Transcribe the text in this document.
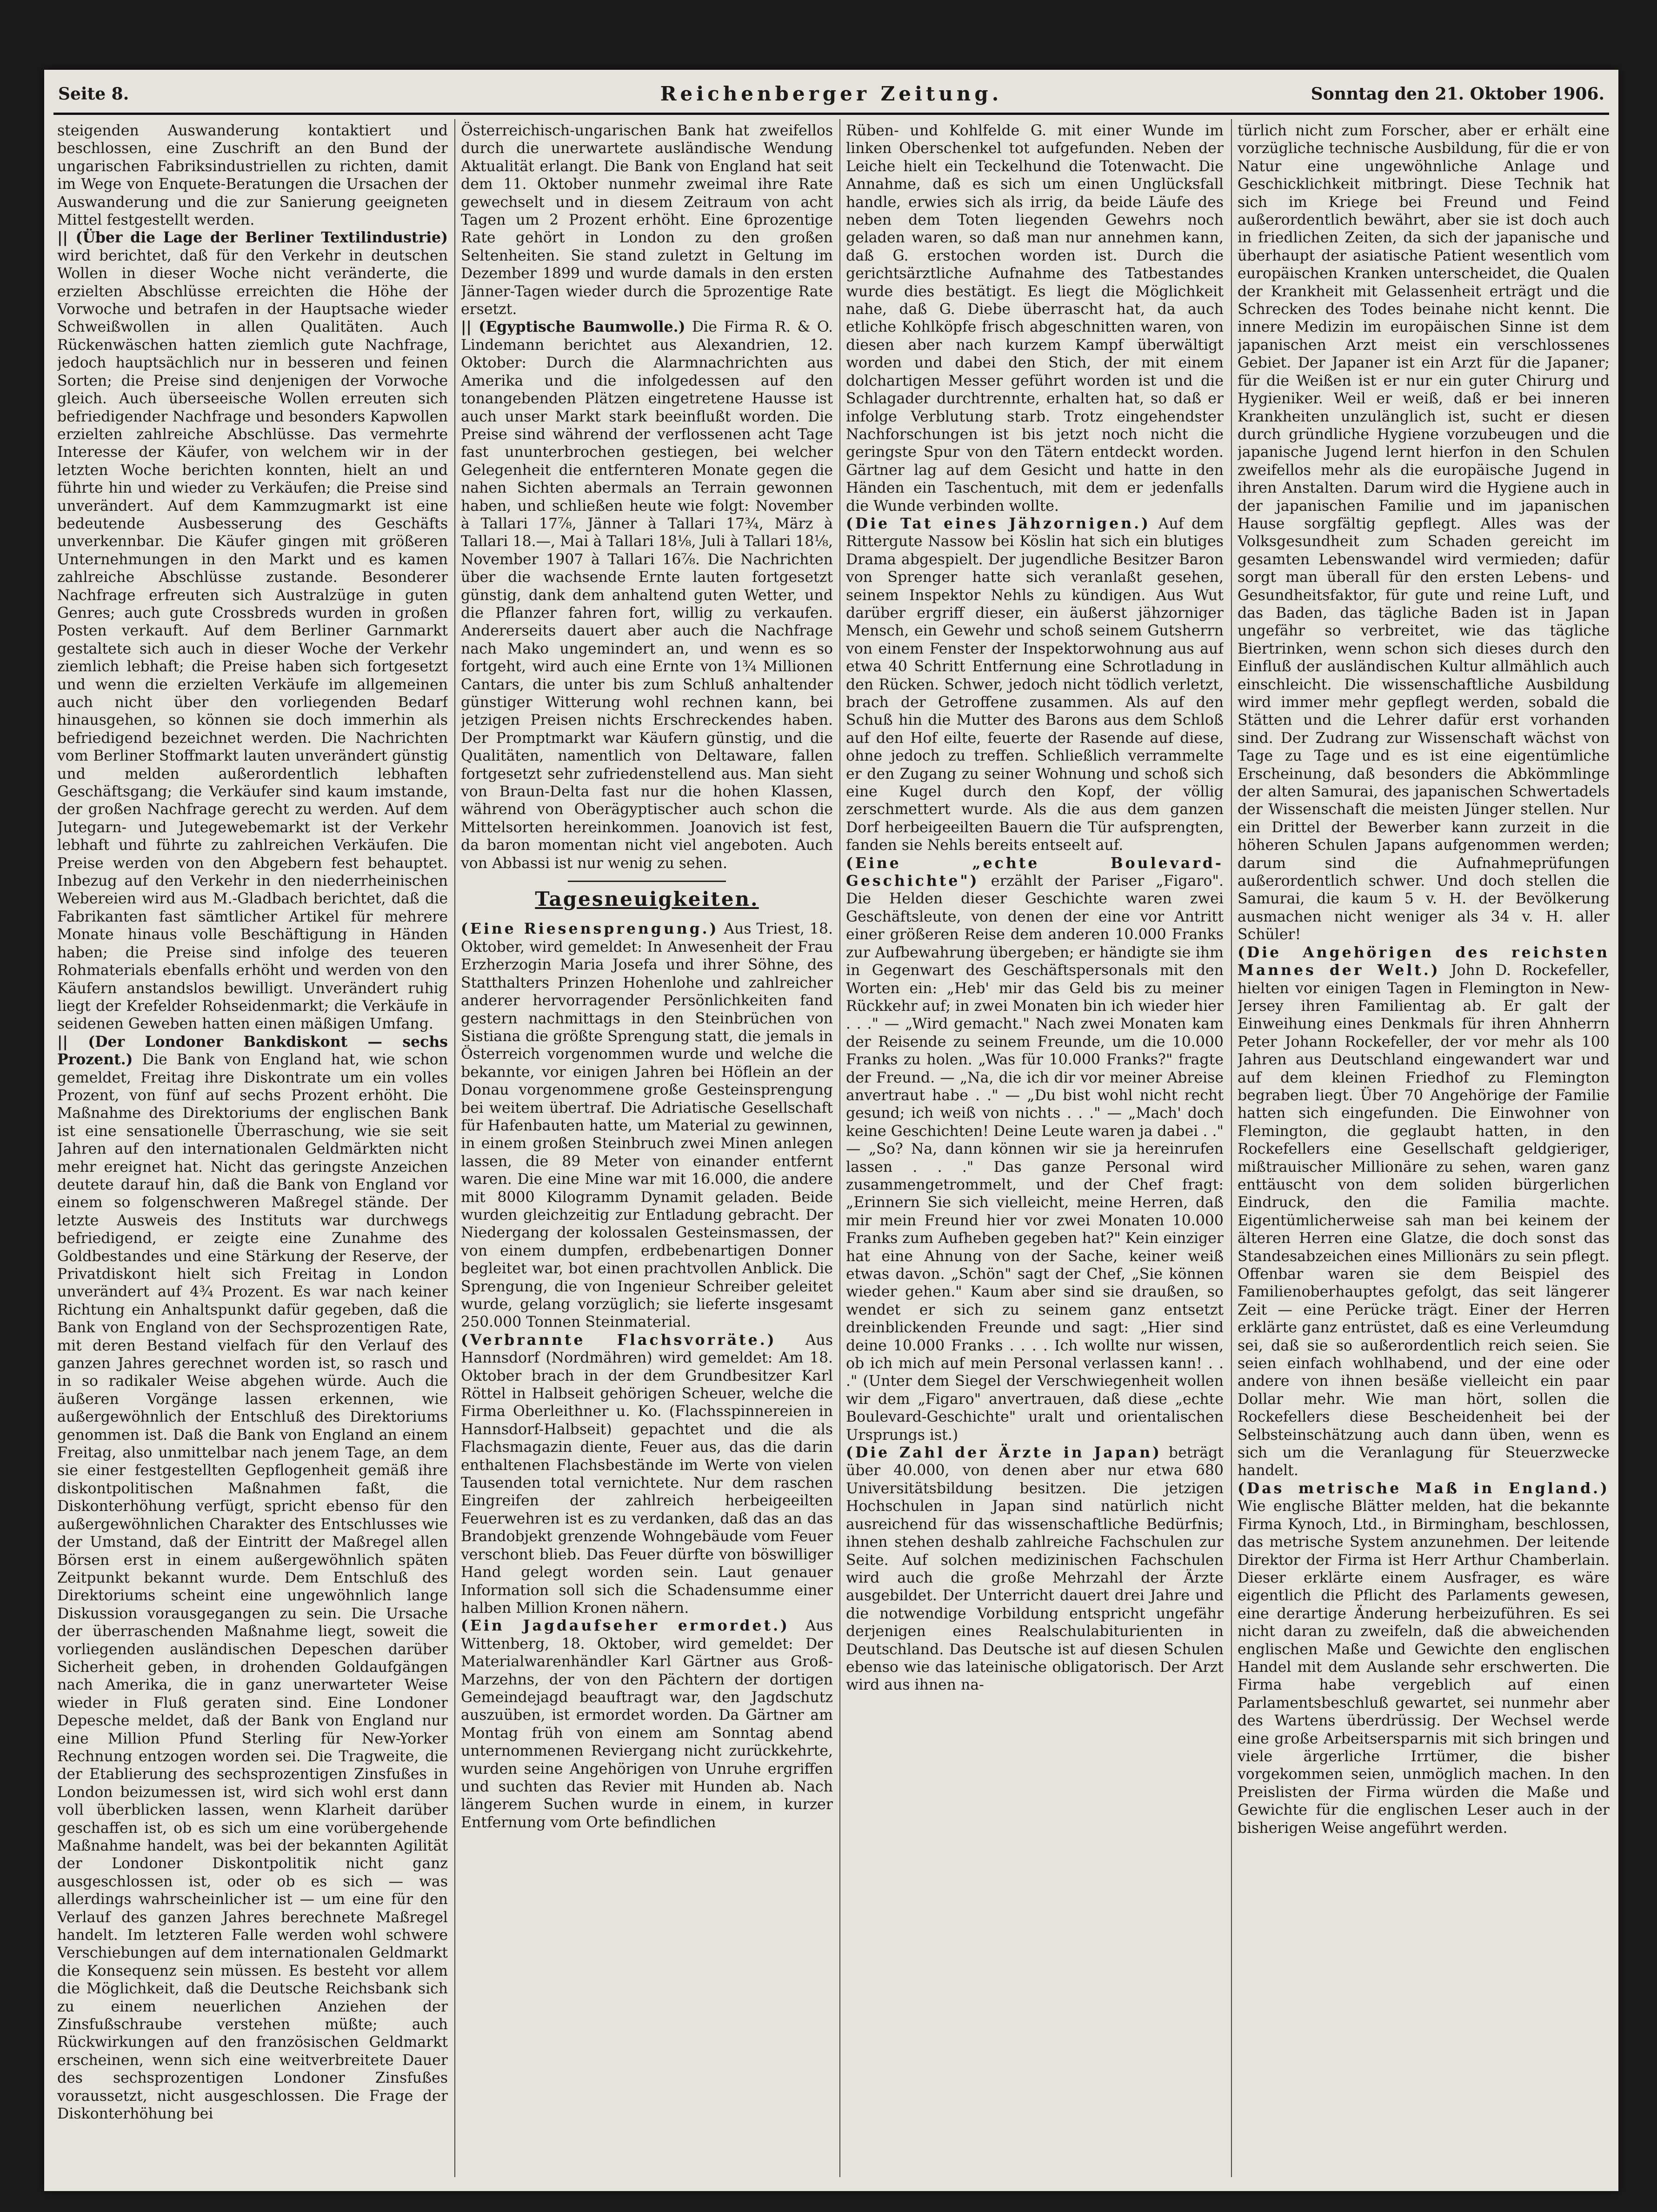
Seite 8.	Reichenberger Zeitung.	Sonntag den 21. Oktober 1906.

steigenden Auswanderung kontaktiert und beschlossen, eine Zuschrift an den Bund der ungarischen Fabriksindustriellen zu richten, damit im Wege von Enquete-Beratungen die Ursachen der Auswanderung und die zur Sanierung geeigneten Mittel festgestellt werden.

|| (Über die Lage der Berliner Textilindustrie) wird berichtet, daß für den Verkehr in deutschen Wollen in dieser Woche nicht veränderte, die erzielten Abschlüsse erreichten die Höhe der Vorwoche und betrafen in der Hauptsache wieder Schweißwollen in allen Qualitäten. Auch Rückenwäschen hatten ziemlich gute Nachfrage, jedoch hauptsächlich nur in besseren und feinen Sorten; die Preise sind denjenigen der Vorwoche gleich. Auch überseeische Wollen erreuten sich befriedigender Nachfrage und besonders Kapwollen erzielten zahlreiche Abschlüsse. Das vermehrte Interesse der Käufer, von welchem wir in der letzten Woche berichten konnten, hielt an und führte hin und wieder zu Verkäufen; die Preise sind unverändert. Auf dem Kammzugmarkt ist eine bedeutende Ausbesserung des Geschäfts unverkennbar. Die Käufer gingen mit größeren Unternehmungen in den Markt und es kamen zahlreiche Abschlüsse zustande. Besonderer Nachfrage erfreuten sich Australzüge in guten Genres; auch gute Crossbreds wurden in großen Posten verkauft. Auf dem Berliner Garnmarkt gestaltete sich auch in dieser Woche der Verkehr ziemlich lebhaft; die Preise haben sich fortgesetzt und wenn die erzielten Verkäufe im allgemeinen auch nicht über den vorliegenden Bedarf hinausgehen, so können sie doch immerhin als befriedigend bezeichnet werden. Die Nachrichten vom Berliner Stoffmarkt lauten unverändert günstig und melden außerordentlich lebhaften Geschäftsgang; die Verkäufer sind kaum imstande, der großen Nachfrage gerecht zu werden. Auf dem Jutegarn- und Jutegewebemarkt ist der Verkehr lebhaft und führte zu zahlreichen Verkäufen. Die Preise werden von den Abgebern fest behauptet. Inbezug auf den Verkehr in den niederrheinischen Webereien wird aus M.-Gladbach berichtet, daß die Fabrikanten fast sämtlicher Artikel für mehrere Monate hinaus volle Beschäftigung in Händen haben; die Preise sind infolge des teueren Rohmaterials ebenfalls erhöht und werden von den Käufern anstandslos bewilligt. Unverändert ruhig liegt der Krefelder Rohseidenmarkt; die Verkäufe in seidenen Geweben hatten einen mäßigen Umfang.

|| (Der Londoner Bankdiskont — sechs Prozent.) Die Bank von England hat, wie schon gemeldet, Freitag ihre Diskontrate um ein volles Prozent, von fünf auf sechs Prozent erhöht. Die Maßnahme des Direktoriums der englischen Bank ist eine sensationelle Überraschung, wie sie seit Jahren auf den internationalen Geldmärkten nicht mehr ereignet hat. Nicht das geringste Anzeichen deutete darauf hin, daß die Bank von England vor einem so folgenschweren Maßregel stände. Der letzte Ausweis des Instituts war durchwegs befriedigend, er zeigte eine Zunahme des Goldbestandes und eine Stärkung der Reserve, der Privatdiskont hielt sich Freitag in London unverändert auf 4¾ Prozent. Es war nach keiner Richtung ein Anhaltspunkt dafür gegeben, daß die Bank von England von der Sechsprozentigen Rate, mit deren Bestand vielfach für den Verlauf des ganzen Jahres gerechnet worden ist, so rasch und in so radikaler Weise abgehen würde. Auch die äußeren Vorgänge lassen erkennen, wie außergewöhnlich der Entschluß des Direktoriums genommen ist. Daß die Bank von England an einem Freitag, also unmittelbar nach jenem Tage, an dem sie einer festgestellten Gepflogenheit gemäß ihre diskontpolitischen Maßnahmen faßt, die Diskonterhöhung verfügt, spricht ebenso für den außergewöhnlichen Charakter des Entschlusses wie der Umstand, daß der Eintritt der Maßregel allen Börsen erst in einem außergewöhnlich späten Zeitpunkt bekannt wurde. Dem Entschluß des Direktoriums scheint eine ungewöhnlich lange Diskussion vorausgegangen zu sein. Die Ursache der überraschenden Maßnahme liegt, soweit die vorliegenden ausländischen Depeschen darüber Sicherheit geben, in drohenden Goldaufgängen nach Amerika, die in ganz unerwarteter Weise wieder in Fluß geraten sind. Eine Londoner Depesche meldet, daß der Bank von England nur eine Million Pfund Sterling für New-Yorker Rechnung entzogen worden sei. Die Tragweite, die der Etablierung des sechsprozentigen Zinsfußes in London beizumessen ist, wird sich wohl erst dann voll überblicken lassen, wenn Klarheit darüber geschaffen ist, ob es sich um eine vorübergehende Maßnahme handelt, was bei der bekannten Agilität der Londoner Diskontpolitik nicht ganz ausgeschlossen ist, oder ob es sich — was allerdings wahrscheinlicher ist — um eine für den Verlauf des ganzen Jahres berechnete Maßregel handelt. Im letzteren Falle werden wohl schwere Verschiebungen auf dem internationalen Geldmarkt die Konsequenz sein müssen. Es besteht vor allem die Möglichkeit, daß die Deutsche Reichsbank sich zu einem neuerlichen Anziehen der Zinsfußschraube verstehen müßte; auch Rückwirkungen auf den französischen Geldmarkt erscheinen, wenn sich eine weitverbreitete Dauer des sechsprozentigen Londoner Zinsfußes voraussetzt, nicht ausgeschlossen. Die Frage der Diskonterhöhung bei

Österreichisch-ungarischen Bank hat zweifellos durch die unerwartete ausländische Wendung Aktualität erlangt. Die Bank von England hat seit dem 11. Oktober nunmehr zweimal ihre Rate gewechselt und in diesem Zeitraum von acht Tagen um 2 Prozent erhöht. Eine 6prozentige Rate gehört in London zu den großen Seltenheiten. Sie stand zuletzt in Geltung im Dezember 1899 und wurde damals in den ersten Jänner-Tagen wieder durch die 5prozentige Rate ersetzt.

|| (Egyptische Baumwolle.) Die Firma R. & O. Lindemann berichtet aus Alexandrien, 12. Oktober: Durch die Alarmnachrichten aus Amerika und die infolgedessen auf den tonangebenden Plätzen eingetretene Hausse ist auch unser Markt stark beeinflußt worden. Die Preise sind während der verflossenen acht Tage fast ununterbrochen gestiegen, bei welcher Gelegenheit die entfernteren Monate gegen die nahen Sichten abermals an Terrain gewonnen haben, und schließen heute wie folgt: November à Tallari 17⅞, Jänner à Tallari 17¾, März à Tallari 18.—, Mai à Tallari 18⅛, Juli à Tallari 18⅛, November 1907 à Tallari 16⅞. Die Nachrichten über die wachsende Ernte lauten fortgesetzt günstig, dank dem anhaltend guten Wetter, und die Pflanzer fahren fort, willig zu verkaufen. Andererseits dauert aber auch die Nachfrage nach Mako ungemindert an, und wenn es so fortgeht, wird auch eine Ernte von 1¾ Millionen Cantars, die unter bis zum Schluß anhaltender günstiger Witterung wohl rechnen kann, bei jetzigen Preisen nichts Erschreckendes haben. Der Promptmarkt war Käufern günstig, und die Qualitäten, namentlich von Deltaware, fallen fortgesetzt sehr zufriedenstellend aus. Man sieht von Braun-Delta fast nur die hohen Klassen, während von Oberägyptischer auch schon die Mittelsorten hereinkommen. Joanovich ist fest, da baron momentan nicht viel angeboten. Auch von Abbassi ist nur wenig zu sehen.

Tagesneuigkeiten.

(Eine Riesensprengung.) Aus Triest, 18. Oktober, wird gemeldet: In Anwesenheit der Frau Erzherzogin Maria Josefa und ihrer Söhne, des Statthalters Prinzen Hohenlohe und zahlreicher anderer hervorragender Persönlichkeiten fand gestern nachmittags in den Steinbrüchen von Sistiana die größte Sprengung statt, die jemals in Österreich vorgenommen wurde und welche die bekannte, vor einigen Jahren bei Höflein an der Donau vorgenommene große Gesteinsprengung bei weitem übertraf. Die Adriatische Gesellschaft für Hafenbauten hatte, um Material zu gewinnen, in einem großen Steinbruch zwei Minen anlegen lassen, die 89 Meter von einander entfernt waren. Die eine Mine war mit 16.000, die andere mit 8000 Kilogramm Dynamit geladen. Beide wurden gleichzeitig zur Entladung gebracht. Der Niedergang der kolossalen Gesteinsmassen, der von einem dumpfen, erdbebenartigen Donner begleitet war, bot einen prachtvollen Anblick. Die Sprengung, die von Ingenieur Schreiber geleitet wurde, gelang vorzüglich; sie lieferte insgesamt 250.000 Tonnen Steinmaterial.

(Verbrannte Flachsvorräte.) Aus Hannsdorf (Nordmähren) wird gemeldet: Am 18. Oktober brach in der dem Grundbesitzer Karl Röttel in Halbseit gehörigen Scheuer, welche die Firma Oberleithner u. Ko. (Flachsspinnereien in Hannsdorf-Halbseit) gepachtet und die als Flachsmagazin diente, Feuer aus, das die darin enthaltenen Flachsbestände im Werte von vielen Tausenden total vernichtete. Nur dem raschen Eingreifen der zahlreich herbeigeeilten Feuerwehren ist es zu verdanken, daß das an das Brandobjekt grenzende Wohngebäude vom Feuer verschont blieb. Das Feuer dürfte von böswilliger Hand gelegt worden sein. Laut genauer Information soll sich die Schadensumme einer halben Million Kronen nähern.

(Ein Jagdaufseher ermordet.) Aus Wittenberg, 18. Oktober, wird gemeldet: Der Materialwarenhändler Karl Gärtner aus Groß-Marzehns, der von den Pächtern der dortigen Gemeindejagd beauftragt war, den Jagdschutz auszuüben, ist ermordet worden. Da Gärtner am Montag früh von einem am Sonntag abend unternommenen Reviergang nicht zurückkehrte, wurden seine Angehörigen von Unruhe ergriffen und suchten das Revier mit Hunden ab. Nach längerem Suchen wurde in einem, in kurzer Entfernung vom Orte befindlichen

Rüben- und Kohlfelde G. mit einer Wunde im linken Oberschenkel tot aufgefunden. Neben der Leiche hielt ein Teckelhund die Totenwacht. Die Annahme, daß es sich um einen Unglücksfall handle, erwies sich als irrig, da beide Läufe des neben dem Toten liegenden Gewehrs noch geladen waren, so daß man nur annehmen kann, daß G. erstochen worden ist. Durch die gerichtsärztliche Aufnahme des Tatbestandes wurde dies bestätigt. Es liegt die Möglichkeit nahe, daß G. Diebe überrascht hat, da auch etliche Kohlköpfe frisch abgeschnitten waren, von diesen aber nach kurzem Kampf überwältigt worden und dabei den Stich, der mit einem dolchartigen Messer geführt worden ist und die Schlagader durchtrennte, erhalten hat, so daß er infolge Verblutung starb. Trotz eingehendster Nachforschungen ist bis jetzt noch nicht die geringste Spur von den Tätern entdeckt worden. Gärtner lag auf dem Gesicht und hatte in den Händen ein Taschentuch, mit dem er jedenfalls die Wunde verbinden wollte.

(Die Tat eines Jähzornigen.) Auf dem Rittergute Nassow bei Köslin hat sich ein blutiges Drama abgespielt. Der jugendliche Besitzer Baron von Sprenger hatte sich veranlaßt gesehen, seinem Inspektor Nehls zu kündigen. Aus Wut darüber ergriff dieser, ein äußerst jähzorniger Mensch, ein Gewehr und schoß seinem Gutsherrn von einem Fenster der Inspektorwohnung aus auf etwa 40 Schritt Entfernung eine Schrotladung in den Rücken. Schwer, jedoch nicht tödlich verletzt, brach der Getroffene zusammen. Als auf den Schuß hin die Mutter des Barons aus dem Schloß auf den Hof eilte, feuerte der Rasende auf diese, ohne jedoch zu treffen. Schließlich verrammelte er den Zugang zu seiner Wohnung und schoß sich eine Kugel durch den Kopf, der völlig zerschmettert wurde. Als die aus dem ganzen Dorf herbeigeeilten Bauern die Tür aufsprengten, fanden sie Nehls bereits entseelt auf.

(Eine „echte Boulevard-Geschichte") erzählt der Pariser „Figaro". Die Helden dieser Geschichte waren zwei Geschäftsleute, von denen der eine vor Antritt einer größeren Reise dem anderen 10.000 Franks zur Aufbewahrung übergeben; er händigte sie ihm in Gegenwart des Geschäftspersonals mit den Worten ein: „Heb' mir das Geld bis zu meiner Rückkehr auf; in zwei Monaten bin ich wieder hier . . ." — „Wird gemacht." Nach zwei Monaten kam der Reisende zu seinem Freunde, um die 10.000 Franks zu holen. „Was für 10.000 Franks?" fragte der Freund. — „Na, die ich dir vor meiner Abreise anvertraut habe . ." — „Du bist wohl nicht recht gesund; ich weiß von nichts . . ." — „Mach' doch keine Geschichten! Deine Leute waren ja dabei . ." — „So? Na, dann können wir sie ja hereinrufen lassen . . ." Das ganze Personal wird zusammengetrommelt, und der Chef fragt: „Erinnern Sie sich vielleicht, meine Herren, daß mir mein Freund hier vor zwei Monaten 10.000 Franks zum Aufheben gegeben hat?" Kein einziger hat eine Ahnung von der Sache, keiner weiß etwas davon. „Schön" sagt der Chef, „Sie können wieder gehen." Kaum aber sind sie draußen, so wendet er sich zu seinem ganz entsetzt dreinblickenden Freunde und sagt: „Hier sind deine 10.000 Franks . . . . Ich wollte nur wissen, ob ich mich auf mein Personal verlassen kann! . . ." (Unter dem Siegel der Verschwiegenheit wollen wir dem „Figaro" anvertrauen, daß diese „echte Boulevard-Geschichte" uralt und orientalischen Ursprungs ist.)

(Die Zahl der Ärzte in Japan) beträgt über 40.000, von denen aber nur etwa 680 Universitätsbildung besitzen. Die jetzigen Hochschulen in Japan sind natürlich nicht ausreichend für das wissenschaftliche Bedürfnis; ihnen stehen deshalb zahlreiche Fachschulen zur Seite. Auf solchen medizinischen Fachschulen wird auch die große Mehrzahl der Ärzte ausgebildet. Der Unterricht dauert drei Jahre und die notwendige Vorbildung entspricht ungefähr derjenigen eines Realschulabiturienten in Deutschland. Das Deutsche ist auf diesen Schulen ebenso wie das lateinische obligatorisch. Der Arzt wird aus ihnen na-

türlich nicht zum Forscher, aber er erhält eine vorzügliche technische Ausbildung, für die er von Natur eine ungewöhnliche Anlage und Geschicklichkeit mitbringt. Diese Technik hat sich im Kriege bei Freund und Feind außerordentlich bewährt, aber sie ist doch auch in friedlichen Zeiten, da sich der japanische und überhaupt der asiatische Patient wesentlich vom europäischen Kranken unterscheidet, die Qualen der Krankheit mit Gelassenheit erträgt und die Schrecken des Todes beinahe nicht kennt. Die innere Medizin im europäischen Sinne ist dem japanischen Arzt meist ein verschlossenes Gebiet. Der Japaner ist ein Arzt für die Japaner; für die Weißen ist er nur ein guter Chirurg und Hygieniker. Weil er weiß, daß er bei inneren Krankheiten unzulänglich ist, sucht er diesen durch gründliche Hygiene vorzubeugen und die japanische Jugend lernt hierfon in den Schulen zweifellos mehr als die europäische Jugend in ihren Anstalten. Darum wird die Hygiene auch in der japanischen Familie und im japanischen Hause sorgfältig gepflegt. Alles was der Volksgesundheit zum Schaden gereicht im gesamten Lebenswandel wird vermieden; dafür sorgt man überall für den ersten Lebens- und Gesundheitsfaktor, für gute und reine Luft, und das Baden, das tägliche Baden ist in Japan ungefähr so verbreitet, wie das tägliche Biertrinken, wenn schon sich dieses durch den Einfluß der ausländischen Kultur allmählich auch einschleicht. Die wissenschaftliche Ausbildung wird immer mehr gepflegt werden, sobald die Stätten und die Lehrer dafür erst vorhanden sind. Der Zudrang zur Wissenschaft wächst von Tage zu Tage und es ist eine eigentümliche Erscheinung, daß besonders die Abkömmlinge der alten Samurai, des japanischen Schwertadels der Wissenschaft die meisten Jünger stellen. Nur ein Drittel der Bewerber kann zurzeit in die höheren Schulen Japans aufgenommen werden; darum sind die Aufnahmeprüfungen außerordentlich schwer. Und doch stellen die Samurai, die kaum 5 v. H. der Bevölkerung ausmachen nicht weniger als 34 v. H. aller Schüler!

(Die Angehörigen des reichsten Mannes der Welt.) John D. Rockefeller, hielten vor einigen Tagen in Flemington in New-Jersey ihren Familientag ab. Er galt der Einweihung eines Denkmals für ihren Ahnherrn Peter Johann Rockefeller, der vor mehr als 100 Jahren aus Deutschland eingewandert war und auf dem kleinen Friedhof zu Flemington begraben liegt. Über 70 Angehörige der Familie hatten sich eingefunden. Die Einwohner von Flemington, die geglaubt hatten, in den Rockefellers eine Gesellschaft geldgieriger, mißtrauischer Millionäre zu sehen, waren ganz enttäuscht von dem soliden bürgerlichen Eindruck, den die Familia machte. Eigentümlicherweise sah man bei keinem der älteren Herren eine Glatze, die doch sonst das Standesabzeichen eines Millionärs zu sein pflegt. Offenbar waren sie dem Beispiel des Familienoberhauptes gefolgt, das seit längerer Zeit — eine Perücke trägt. Einer der Herren erklärte ganz entrüstet, daß es eine Verleumdung sei, daß sie so außerordentlich reich seien. Sie seien einfach wohlhabend, und der eine oder andere von ihnen besäße vielleicht ein paar Dollar mehr. Wie man hört, sollen die Rockefellers diese Bescheidenheit bei der Selbsteinschätzung auch dann üben, wenn es sich um die Veranlagung für Steuerzwecke handelt.

(Das metrische Maß in England.) Wie englische Blätter melden, hat die bekannte Firma Kynoch, Ltd., in Birmingham, beschlossen, das metrische System anzunehmen. Der leitende Direktor der Firma ist Herr Arthur Chamberlain. Dieser erklärte einem Ausfrager, es wäre eigentlich die Pflicht des Parlaments gewesen, eine derartige Änderung herbeizuführen. Es sei nicht daran zu zweifeln, daß die abweichenden englischen Maße und Gewichte den englischen Handel mit dem Auslande sehr erschwerten. Die Firma habe vergeblich auf einen Parlamentsbeschluß gewartet, sei nunmehr aber des Wartens überdrüssig. Der Wechsel werde eine große Arbeitsersparnis mit sich bringen und viele ärgerliche Irrtümer, die bisher vorgekommen seien, unmöglich machen. In den Preislisten der Firma würden die Maße und Gewichte für die englischen Leser auch in der bisherigen Weise angeführt werden.
